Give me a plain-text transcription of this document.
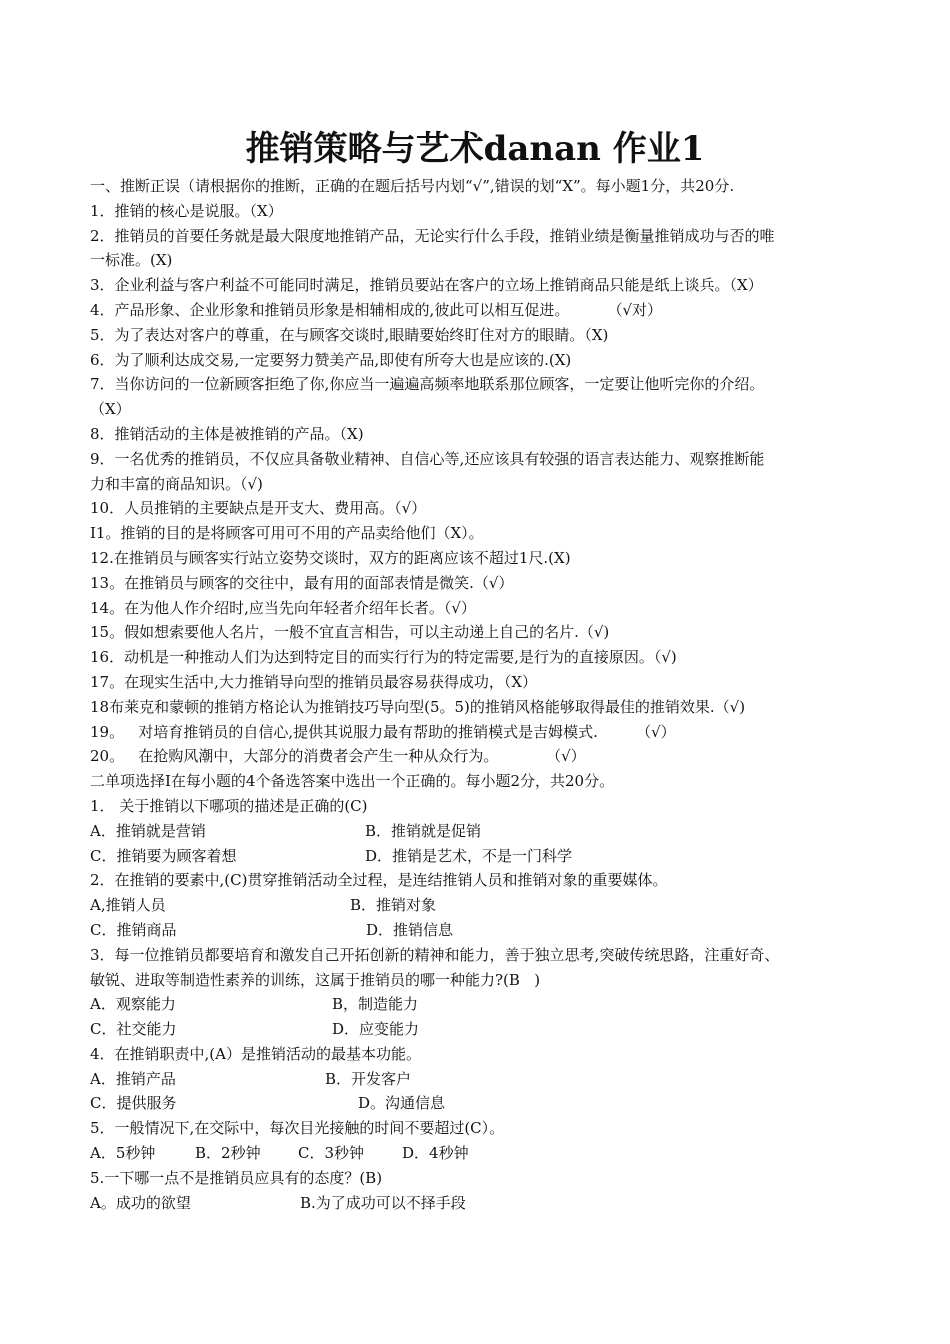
推销策略与艺术danan 作业1
一、推断正误（请根据你的推断，正确的在题后括号内划“√”,错误的划“X”。每小题1分，共20分.
1．推销的核心是说服。（X）
2．推销员的首要任务就是最大限度地推销产品，无论实行什么手段，推销业绩是衡量推销成功与否的唯
一标准。(X)
3．企业利益与客户利益不可能同时满足，推销员要站在客户的立场上推销商品只能是纸上谈兵。（X）
4．产品形象、企业形象和推销员形象是相辅相成的,彼此可以相互促进。        （√对）
5．为了表达对客户的尊重，在与顾客交谈时,眼睛要始终盯住对方的眼睛。（X)
6．为了顺利达成交易,一定要努力赞美产品,即使有所夸大也是应该的.(X)
7．当你访问的一位新顾客拒绝了你,你应当一遍遍高频率地联系那位顾客，一定要让他听完你的介绍。
（X）
8．推销活动的主体是被推销的产品。（X)
9．一名优秀的推销员，不仅应具备敬业精神、自信心等,还应该具有较强的语言表达能力、观察推断能
力和丰富的商品知识。（√)
10．人员推销的主要缺点是开支大、费用高。（√）
I1。推销的目的是将顾客可用可不用的产品卖给他们（X）。
12.在推销员与顾客实行站立姿势交谈时，双方的距离应该不超过1尺.(X)
13。在推销员与顾客的交往中，最有用的面部表情是微笑.（√）
14。在为他人作介绍时,应当先向年轻者介绍年长者。（√）
15。假如想索要他人名片，一般不宜直言相告，可以主动递上自己的名片.（√)
16．动机是一种推动人们为达到特定目的而实行行为的特定需要,是行为的直接原因。（√)
17。在现实生活中,大力推销导向型的推销员最容易获得成功，（X）
18布莱克和蒙顿的推销方格论认为推销技巧导向型(5。5)的推销风格能够取得最佳的推销效果.（√)
19。   对培育推销员的自信心,提供其说服力最有帮助的推销模式是吉姆模式.        （√）
20。   在抢购风潮中，大部分的消费者会产生一种从众行为。          （√）
二单项选择I在每小题的4个备选答案中选出一个正确的。每小题2分，共20分。
1． 关于推销以下哪项的描述是正确的(C)

A．推销就是营销

	B．推销就是促销

C．推销要为顾客着想

	D．推销是艺术，不是一门科学

2．在推销的要素中,(C)贯穿推销活动全过程，是连结推销人员和推销对象的重要媒体。

A,推销人员

	B．推销对象

C．推销商品

	D．推销信息

3．每一位推销员都要培育和激发自己开拓创新的精神和能力，善于独立思考,突破传统思路，注重好奇、
敏锐、进取等制造性素养的训练，这属于推销员的哪一种能力?(B   )

A．观察能力

	B，制造能力

C．社交能力

	D．应变能力

4．在推销职责中,(A）是推销活动的最基本功能。

A．推销产品

	B．开发客户

C．提供服务

	D。沟通信息

5．一般情况下,在交际中，每次目光接触的时间不要超过(C）。

A．5秒钟

	B．2秒钟

C．3秒钟

	D．4秒钟

5.一下哪一点不是推销员应具有的态度？(B)

A。成功的欲望

	B.为了成功可以不择手段
